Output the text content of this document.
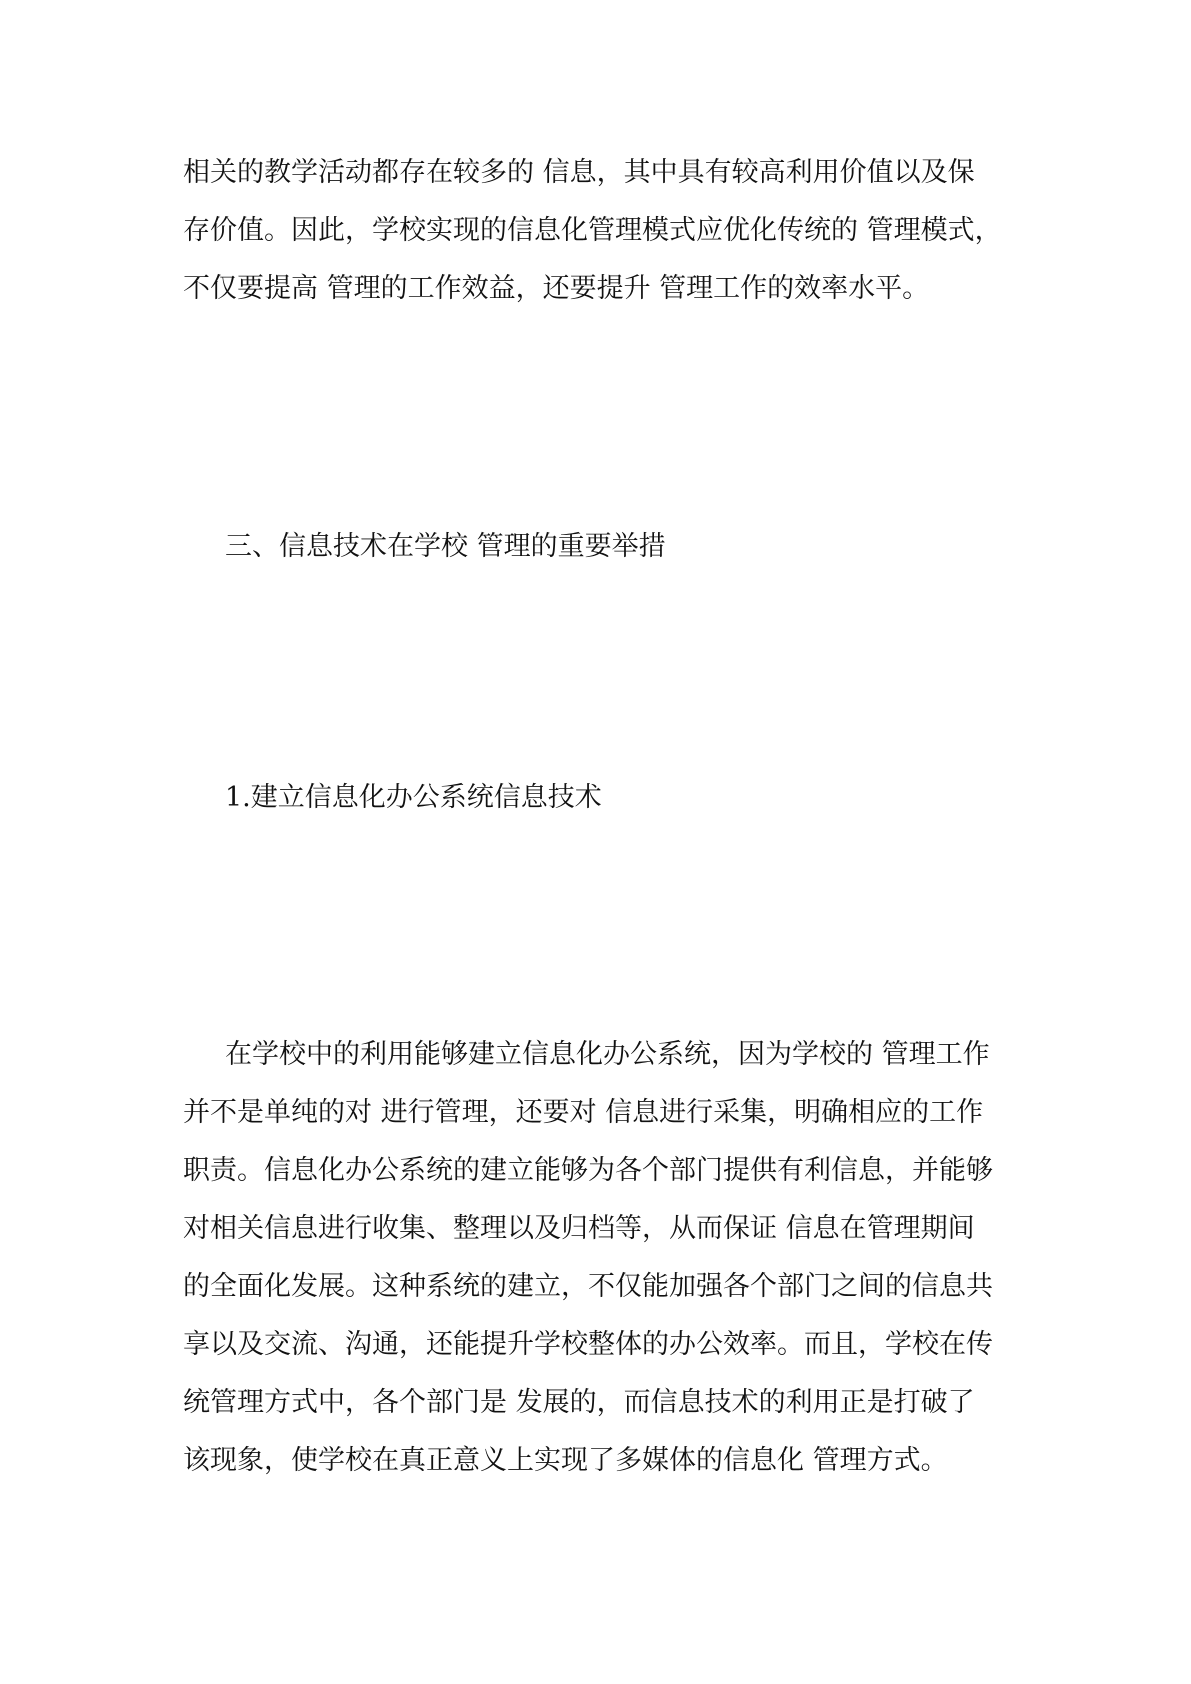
相关的教学活动都存在较多的 信息，其中具有较高利用价值以及保
存价值。因此，学校实现的信息化管理模式应优化传统的 管理模式，
不仅要提高 管理的工作效益，还要提升 管理工作的效率水平。

三、信息技术在学校 管理的重要举措
1.建立信息化办公系统信息技术

在学校中的利用能够建立信息化办公系统，因为学校的 管理工作
并不是单纯的对 进行管理，还要对 信息进行采集，明确相应的工作
职责。信息化办公系统的建立能够为各个部门提供有利信息，并能够
对相关信息进行收集、整理以及归档等，从而保证 信息在管理期间
的全面化发展。这种系统的建立，不仅能加强各个部门之间的信息共
享以及交流、沟通，还能提升学校整体的办公效率。而且，学校在传
统管理方式中，各个部门是 发展的，而信息技术的利用正是打破了
该现象，使学校在真正意义上实现了多媒体的信息化 管理方式。
